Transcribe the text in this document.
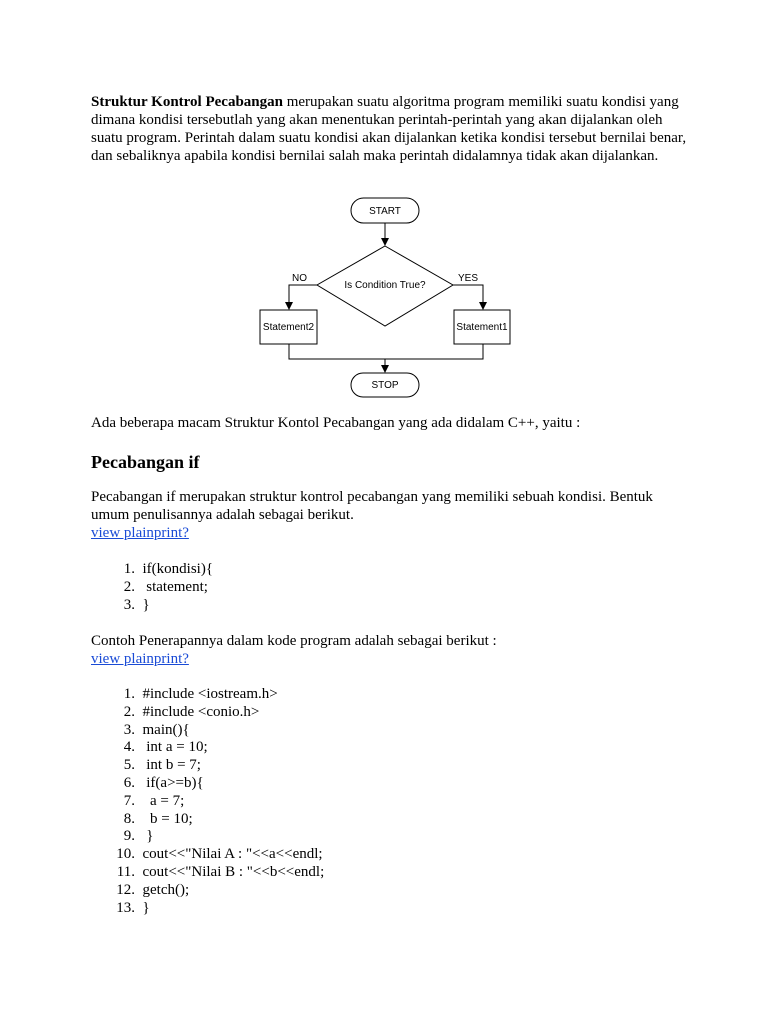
Struktur Kontrol Pecabangan merupakan suatu algoritma program memiliki suatu kondisi yang dimana kondisi tersebutlah yang akan menentukan perintah-perintah yang akan dijalankan oleh suatu program. Perintah dalam suatu kondisi akan dijalankan ketika kondisi tersebut bernilai benar, dan sebaliknya apabila kondisi bernilai salah maka perintah didalamnya tidak akan dijalankan.

START
Is Condition True?
NO	YES
Statement2	Statement1
STOP

Ada beberapa macam Struktur Kontol Pecabangan yang ada didalam C++, yaitu :

Pecabangan if

Pecabangan if merupakan struktur kontrol pecabangan yang memiliki sebuah kondisi. Bentuk umum penulisannya adalah sebagai berikut.

view plainprint?
1. if(kondisi){
2.   statement;
3. }

Contoh Penerapannya dalam kode program adalah sebagai berikut :

view plainprint?
1. #include <iostream.h>
2. #include <conio.h>
3. main(){
4.   int a = 10;
5.   int b = 7;
6.   if(a>=b){
7.    a = 7;
8.    b = 10;
9.   }
10. cout<<"Nilai A : "<<a<<endl;
11. cout<<"Nilai B : "<<b<<endl;
12. getch();
13. }
